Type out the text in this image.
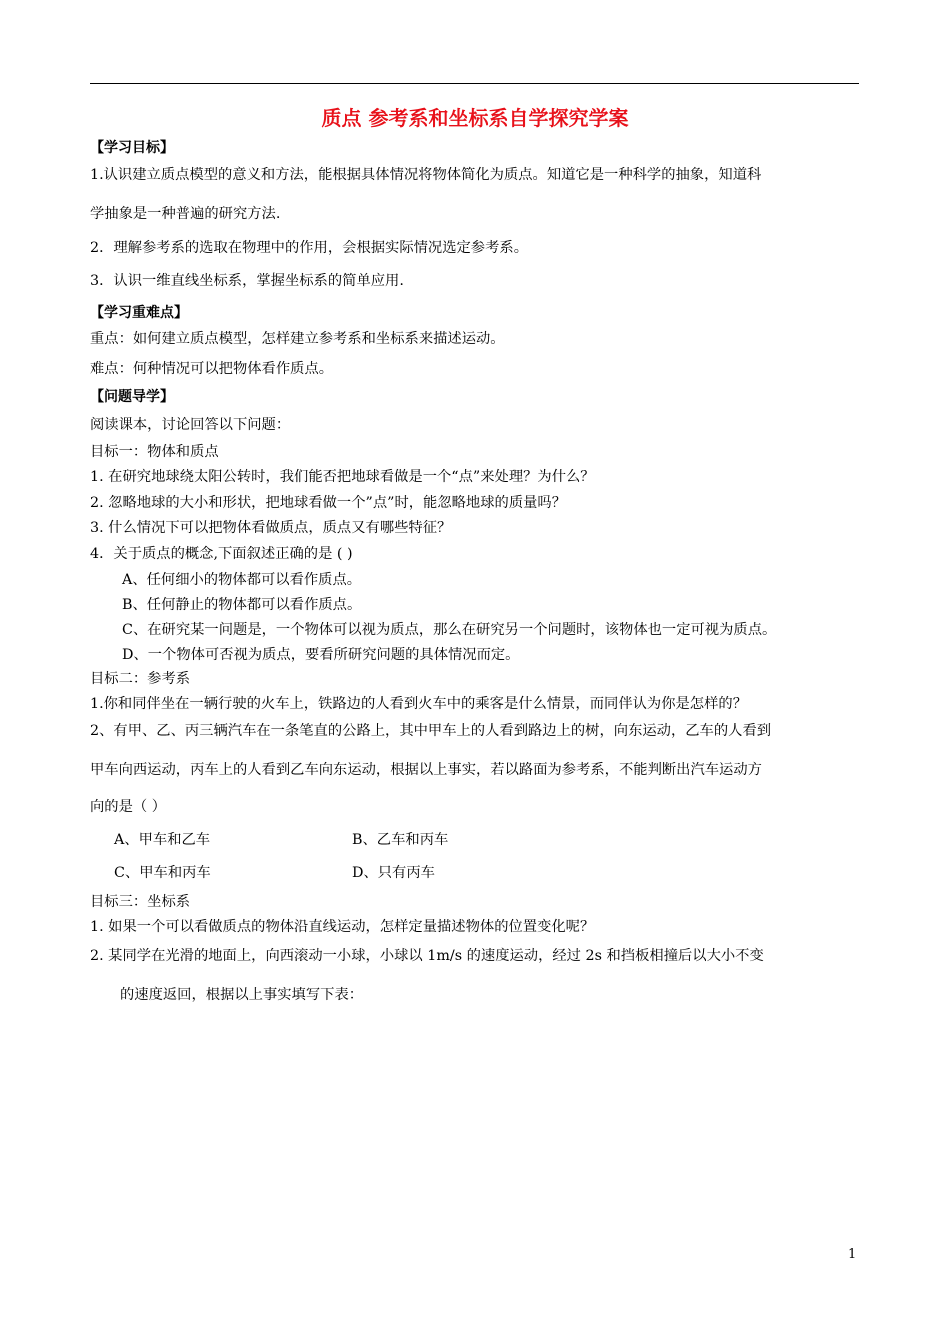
质点 参考系和坐标系自学探究学案
【学习目标】
1.认识建立质点模型的意义和方法，能根据具体情况将物体简化为质点。知道它是一种科学的抽象，知道科
学抽象是一种普遍的研究方法.
2．理解参考系的选取在物理中的作用，会根据实际情况选定参考系。
3．认识一维直线坐标系，掌握坐标系的简单应用.
【学习重难点】
重点：如何建立质点模型，怎样建立参考系和坐标系来描述运动。
难点：何种情况可以把物体看作质点。
【问题导学】
阅读课本，讨论回答以下问题：
目标一：物体和质点
1. 在研究地球绕太阳公转时，我们能否把地球看做是一个“点”来处理？为什么？
2. 忽略地球的大小和形状，把地球看做一个”点”时，能忽略地球的质量吗？
3. 什么情况下可以把物体看做质点，质点又有哪些特征？
4．关于质点的概念,下面叙述正确的是 ( )
A、任何细小的物体都可以看作质点。
B、任何静止的物体都可以看作质点。
C、在研究某一问题是，一个物体可以视为质点，那么在研究另一个问题时，该物体也一定可视为质点。
D、一个物体可否视为质点，要看所研究问题的具体情况而定。
目标二：参考系
1.你和同伴坐在一辆行驶的火车上，铁路边的人看到火车中的乘客是什么情景，而同伴认为你是怎样的？
2、有甲、乙、丙三辆汽车在一条笔直的公路上，其中甲车上的人看到路边上的树，向东运动，乙车的人看到
甲车向西运动，丙车上的人看到乙车向东运动，根据以上事实，若以路面为参考系，不能判断出汽车运动方
向的是（ ）
A、甲车和乙车	B、乙车和丙车
C、甲车和丙车	D、只有丙车
目标三：坐标系
1. 如果一个可以看做质点的物体沿直线运动，怎样定量描述物体的位置变化呢？
2. 某同学在光滑的地面上，向西滚动一小球，小球以 1m/s 的速度运动，经过 2s 和挡板相撞后以大小不变
的速度返回，根据以上事实填写下表：
1
